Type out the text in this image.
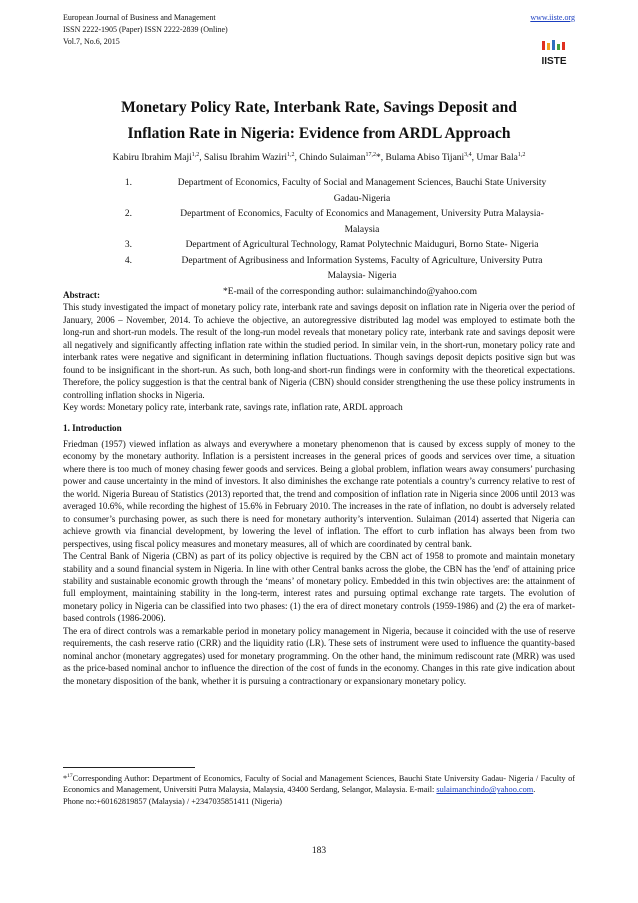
European Journal of Business and Management	www.iiste.org
ISSN 2222-1905 (Paper) ISSN 2222-2839 (Online)
Vol.7, No.6, 2015
IISTE
Monetary Policy Rate, Interbank Rate, Savings Deposit and
Inflation Rate in Nigeria: Evidence from ARDL Approach
Kabiru Ibrahim Maji$^{1,2}$, Salisu Ibrahim Waziri$^{1,2}$, Chindo Sulaiman$^{17,2}$*, Bulama Abiso Tijani$^{3,4}$, Umar Bala$^{1,2}$
1.	Department of Economics, Faculty of Social and Management Sciences, Bauchi State University
Gadau-Nigeria
2.	Department of Economics, Faculty of Economics and Management, University Putra Malaysia-
Malaysia
3.	Department of Agricultural Technology, Ramat Polytechnic Maiduguri, Borno State- Nigeria
4.	Department of Agribusiness and Information Systems, Faculty of Agriculture, University Putra
Malaysia- Nigeria
*E-mail of the corresponding author: sulaimanchindo@yahoo.com

Abstract:

This study investigated the impact of monetary policy rate, interbank rate and savings deposit on inflation rate in Nigeria over the period of January, 2006 – November, 2014. To achieve the objective, an autoregressive distributed lag model was employed to estimate both the long-run and short-run models. The result of the long-run model reveals that monetary policy rate, interbank rate and savings deposit were all negatively and significantly affecting inflation rate within the studied period. In similar vein, in the short-run, monetary policy rate and interbank rates were negative and significant in determining inflation fluctuations. Though savings deposit depicts positive sign but was found to be insignificant in the short-run. As such, both long-and short-run findings were in conformity with the theoretical expectations. Therefore, the policy suggestion is that the central bank of Nigeria (CBN) should consider strengthening the use these policy instruments in controlling inflation shocks in Nigeria.

Key words: Monetary policy rate, interbank rate, savings rate, inflation rate, ARDL approach

1. Introduction

Friedman (1957) viewed inflation as always and everywhere a monetary phenomenon that is caused by excess supply of money to the economy by the monetary authority. Inflation is a persistent increases in the general prices of goods and services over time, a situation where there is too much of money chasing fewer goods and services. Being a global problem, inflation wears away consumers’ purchasing power and cause uncertainty in the mind of investors. It also diminishes the exchange rate potentials a country’s currency relative to rest of the world. Nigeria Bureau of Statistics (2013) reported that, the trend and composition of inflation rate in Nigeria since 2006 until 2013 was averaged 10.6%, while recording the highest of 15.6% in February 2010. The increases in the rate of inflation, no doubt is adversely related to consumer’s purchasing power, as such there is need for monetary authority’s intervention. Sulaiman (2014) asserted that Nigeria can achieve growth via financial development, by lowering the level of inflation. The effort to curb inflation has always been from two perspectives, using fiscal policy measures and monetary measures, all of which are coordinated by central bank.

The Central Bank of Nigeria (CBN) as part of its policy objective is required by the CBN act of 1958 to promote and maintain monetary stability and a sound financial system in Nigeria. In line with other Central banks across the globe, the CBN has the 'end' of attaining price stability and sustainable economic growth through the ‘means’ of monetary policy. Embedded in this twin objectives are: the attainment of full employment, maintaining stability in the long-term, interest rates and pursuing optimal exchange rate targets. The evolution of monetary policy in Nigeria can be classified into two phases: (1) the era of direct monetary controls (1959-1986) and (2) the era of market-based controls (1986-2006).

The era of direct controls was a remarkable period in monetary policy management in Nigeria, because it coincided with the use of reserve requirements, the cash reserve ratio (CRR) and the liquidity ratio (LR). These sets of instrument were used to influence the quantity-based nominal anchor (monetary aggregates) used for monetary programming. On the other hand, the minimum rediscount rate (MRR) was used as the price-based nominal anchor to influence the direction of the cost of funds in the economy. Changes in this rate give indication about the monetary disposition of the bank, whether it is pursuing a contractionary or expansionary monetary policy.

*$^{17}$Corresponding Author: Department of Economics, Faculty of Social and Management Sciences, Bauchi State University Gadau- Nigeria / Faculty of Economics and Management, Universiti Putra Malaysia, Malaysia, 43400 Serdang, Selangor, Malaysia. E-mail: sulaimanchindo@yahoo.com.
Phone no:+60162819857 (Malaysia) / +2347035851411 (Nigeria)
183
